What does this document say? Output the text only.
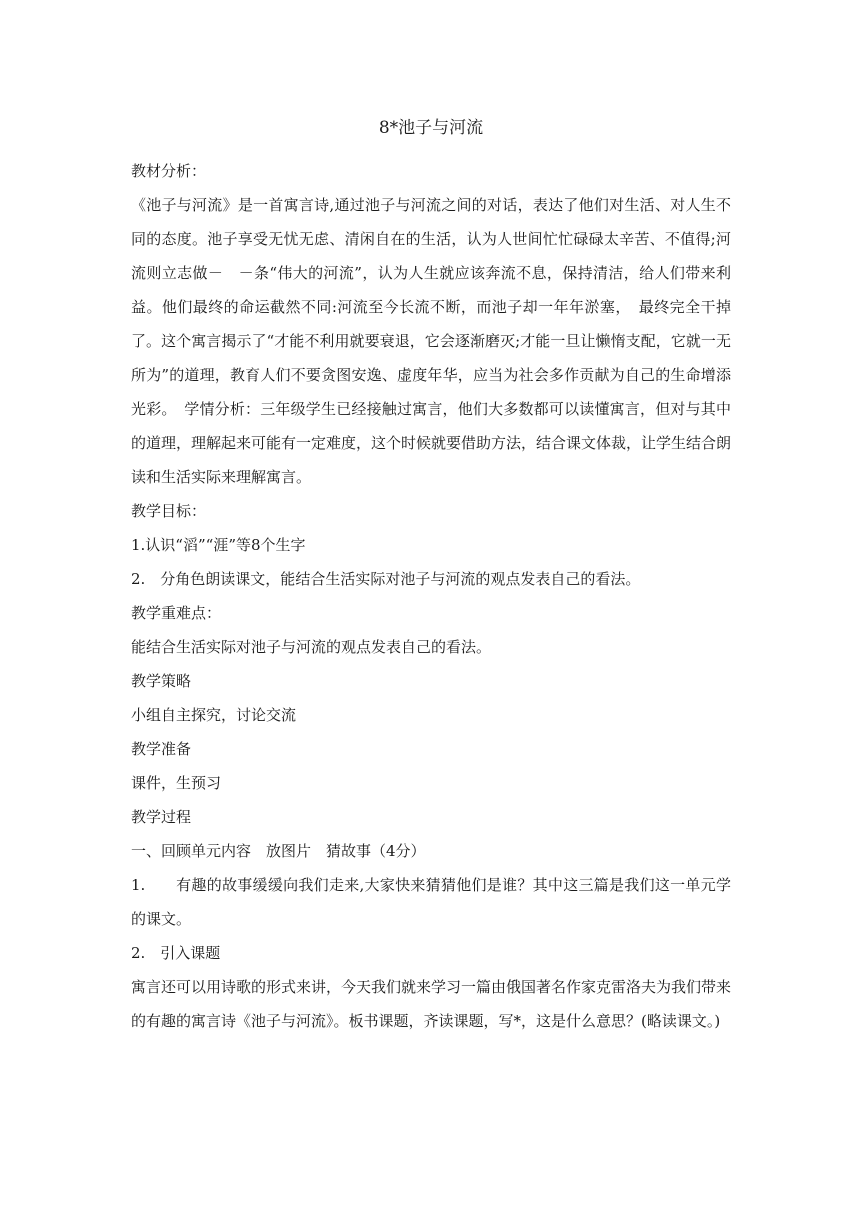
8*池子与河流

教材分析：

《池子与河流》是一首寓言诗,通过池子与河流之间的对话，表达了他们对生活、对人生不同的态度。池子享受无忧无虑、清闲自在的生活，认为人世间忙忙碌碌太辛苦、不值得;河流则立志做－　－条“伟大的河流”，认为人生就应该奔流不息，保持清洁，给人们带来利益。他们最终的命运截然不同:河流至今长流不断，而池子却一年年淤塞，　最终完全干掉了。这个寓言揭示了“才能不利用就要衰退，它会逐渐磨灭;才能一旦让懒惰支配，它就一无所为”的道理，教育人们不要贪图安逸、虚度年华，应当为社会多作贡献为自己的生命增添光彩。　学情分析：三年级学生已经接触过寓言，他们大多数都可以读懂寓言，但对与其中的道理，理解起来可能有一定难度，这个时候就要借助方法，结合课文体裁，让学生结合朗读和生活实际来理解寓言。

教学目标：

1.认识“滔”“涯”等8个生字

2.　分角色朗读课文，能结合生活实际对池子与河流的观点发表自己的看法。

教学重难点：

能结合生活实际对池子与河流的观点发表自己的看法。

教学策略

小组自主探究，讨论交流

教学准备

课件，生预习

教学过程

一、回顾单元内容　放图片　猜故事（4分）

1.　　有趣的故事缓缓向我们走来,大家快来猜猜他们是谁？其中这三篇是我们这一单元学的课文。

2.　引入课题

寓言还可以用诗歌的形式来讲，今天我们就来学习一篇由俄国著名作家克雷洛夫为我们带来的有趣的寓言诗《池子与河流》。板书课题，齐读课题，写*，这是什么意思？(略读课文。)
